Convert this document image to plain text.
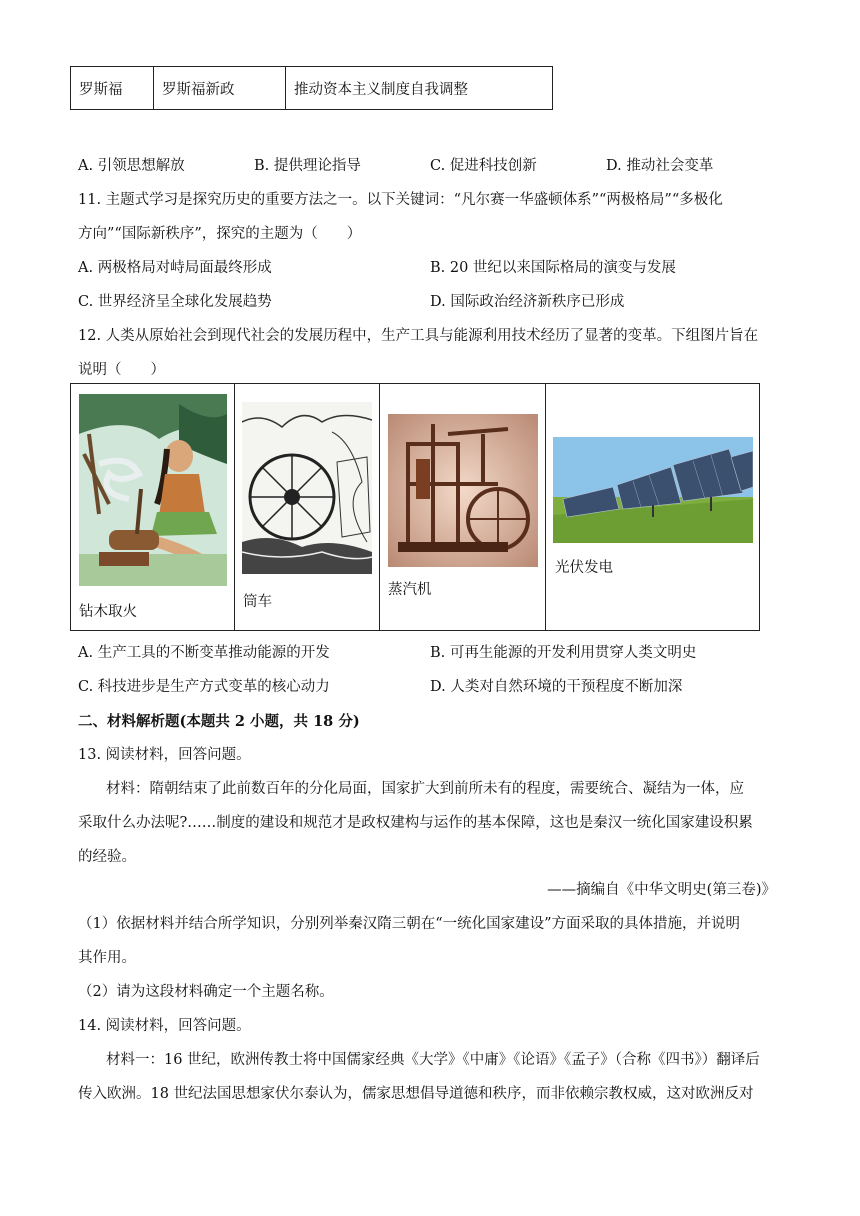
罗斯福	罗斯福新政	推动资本主义制度自我调整
A. 引领思想解放	B. 提供理论指导	C. 促进科技创新	D. 推动社会变革
11. 主题式学习是探究历史的重要方法之一。以下关键词：“凡尔赛一华盛顿体系”“两极格局”“多极化
方向”“国际新秩序”，探究的主题为（　　）
A. 两极格局对峙局面最终形成	B. 20 世纪以来国际格局的演变与发展
C. 世界经济呈全球化发展趋势	D. 国际政治经济新秩序已形成
12. 人类从原始社会到现代社会的发展历程中，生产工具与能源利用技术经历了显著的变革。下组图片旨在
说明（　　）
钻木取火
筒车
蒸汽机
光伏发电
A. 生产工具的不断变革推动能源的开发	B. 可再生能源的开发利用贯穿人类文明史
C. 科技进步是生产方式变革的核心动力	D. 人类对自然环境的干预程度不断加深
二、材料解析题(本题共 2 小题，共 18 分)
13. 阅读材料，回答问题。
材料：隋朝结束了此前数百年的分化局面，国家扩大到前所未有的程度，需要统合、凝结为一体，应
采取什么办法呢?……制度的建设和规范才是政权建构与运作的基本保障，这也是秦汉一统化国家建设积累
的经验。
——摘编自《中华文明史(第三卷)》
（1）依据材料并结合所学知识，分别列举秦汉隋三朝在“一统化国家建设”方面采取的具体措施，并说明
其作用。
（2）请为这段材料确定一个主题名称。
14. 阅读材料，回答问题。
材料一：16 世纪，欧洲传教士将中国儒家经典《大学》《中庸》《论语》《孟子》（合称《四书》）翻译后
传入欧洲。18 世纪法国思想家伏尔泰认为，儒家思想倡导道德和秩序，而非依赖宗教权威，这对欧洲反对
